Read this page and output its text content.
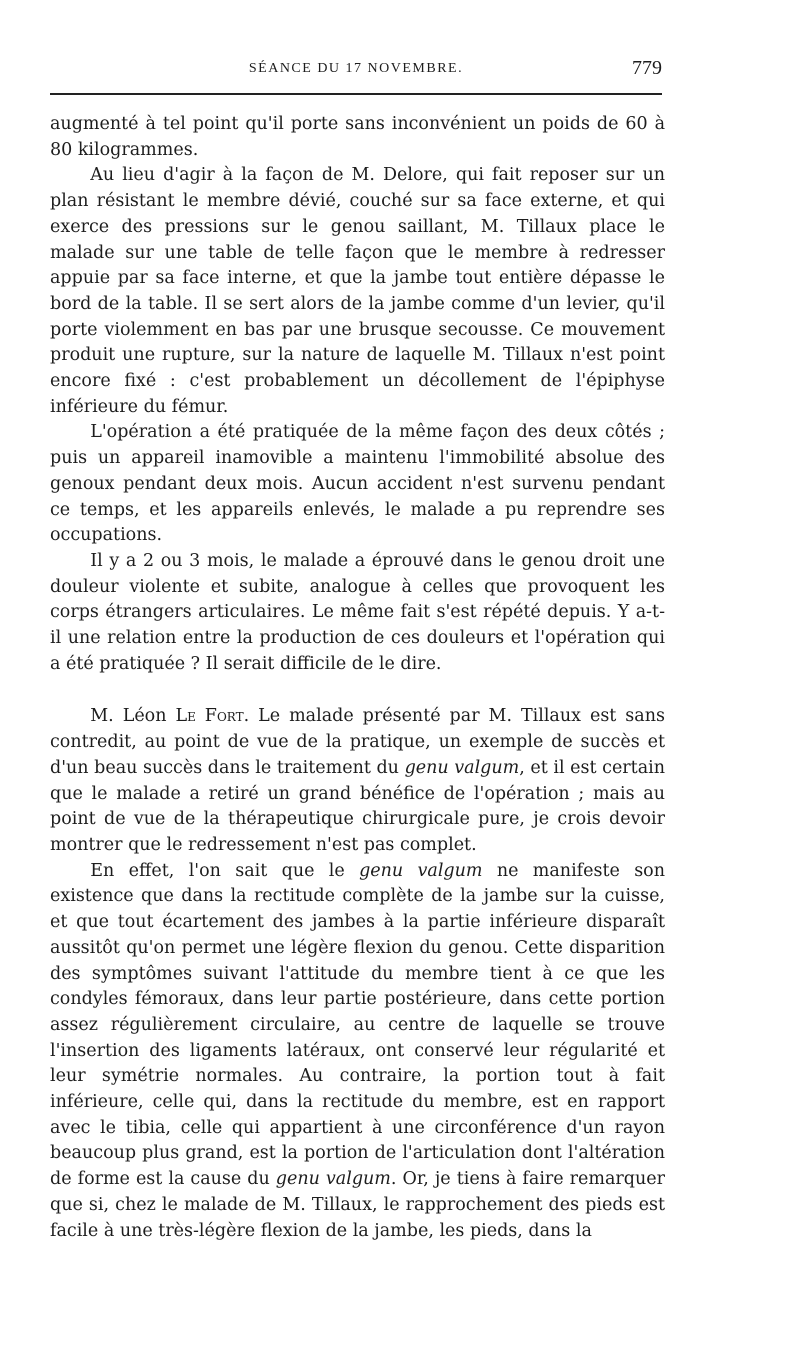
SÉANCE DU 17 NOVEMBRE.	779

augmenté à tel point qu'il porte sans inconvénient un poids de 60 à 80 kilogrammes.

Au lieu d'agir à la façon de M. Delore, qui fait reposer sur un plan résistant le membre dévié, couché sur sa face externe, et qui exerce des pressions sur le genou saillant, M. Tillaux place le malade sur une table de telle façon que le membre à redresser appuie par sa face interne, et que la jambe tout entière dépasse le bord de la table. Il se sert alors de la jambe comme d'un levier, qu'il porte violemment en bas par une brusque secousse. Ce mouvement produit une rupture, sur la nature de laquelle M. Tillaux n'est point encore fixé : c'est probablement un décollement de l'épiphyse inférieure du fémur.

L'opération a été pratiquée de la même façon des deux côtés ; puis un appareil inamovible a maintenu l'immobilité absolue des genoux pendant deux mois. Aucun accident n'est survenu pendant ce temps, et les appareils enlevés, le malade a pu reprendre ses occupations.

Il y a 2 ou 3 mois, le malade a éprouvé dans le genou droit une douleur violente et subite, analogue à celles que provoquent les corps étrangers articulaires. Le même fait s'est répété depuis. Y a-t-il une relation entre la production de ces douleurs et l'opération qui a été pratiquée ? Il serait difficile de le dire.

M. Léon Le Fort. Le malade présenté par M. Tillaux est sans contredit, au point de vue de la pratique, un exemple de succès et d'un beau succès dans le traitement du genu valgum, et il est certain que le malade a retiré un grand bénéfice de l'opération ; mais au point de vue de la thérapeutique chirurgicale pure, je crois devoir montrer que le redressement n'est pas complet.

En effet, l'on sait que le genu valgum ne manifeste son existence que dans la rectitude complète de la jambe sur la cuisse, et que tout écartement des jambes à la partie inférieure disparaît aussitôt qu'on permet une légère flexion du genou. Cette disparition des symptômes suivant l'attitude du membre tient à ce que les condyles fémoraux, dans leur partie postérieure, dans cette portion assez régulièrement circulaire, au centre de laquelle se trouve l'insertion des ligaments latéraux, ont conservé leur régularité et leur symétrie normales. Au contraire, la portion tout à fait inférieure, celle qui, dans la rectitude du membre, est en rapport avec le tibia, celle qui appartient à une circonférence d'un rayon beaucoup plus grand, est la portion de l'articulation dont l'altération de forme est la cause du genu valgum. Or, je tiens à faire remarquer que si, chez le malade de M. Tillaux, le rapprochement des pieds est facile à une très-légère flexion de la jambe, les pieds, dans la
